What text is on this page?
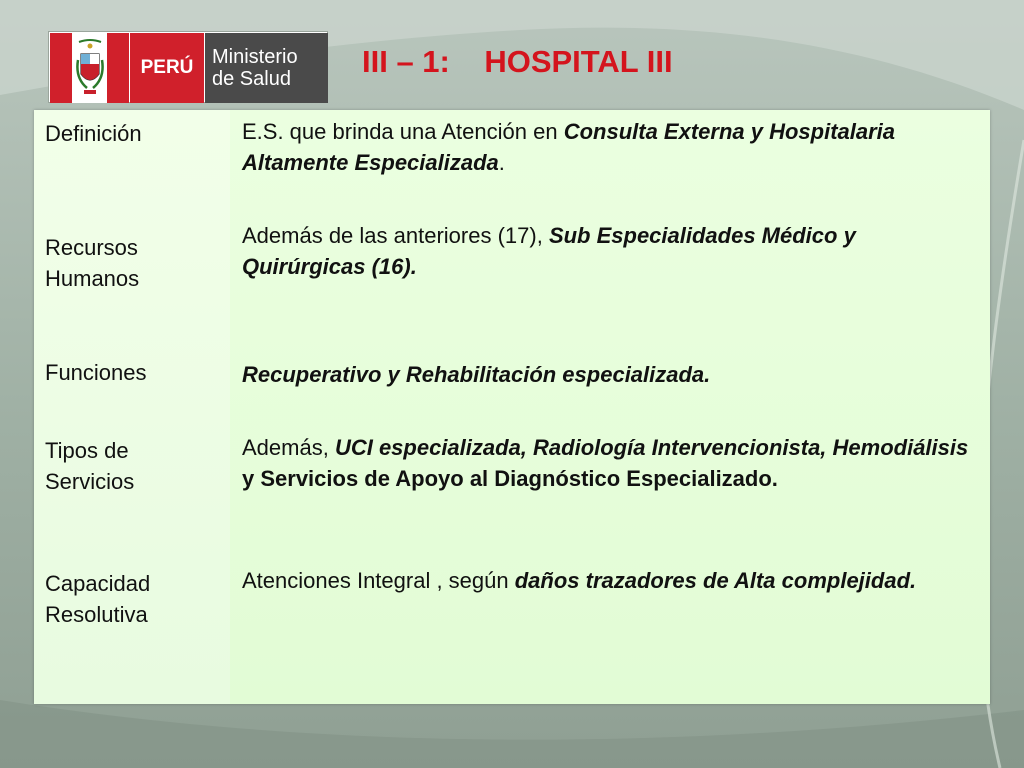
PERÚ Ministerio
de Salud	III – 1:    HOSPITAL III
Definición
Recursos
Humanos
Funciones
Tipos de
Servicios
Capacidad
Resolutiva
E.S. que brinda una Atención en Consulta Externa y Hospitalaria Altamente Especializada.
Además de las anteriores (17), Sub Especialidades Médico y Quirúrgicas (16).
Recuperativo y Rehabilitación especializada.
Además, UCI especializada, Radiología Intervencionista, Hemodiálisis y Servicios de Apoyo al Diagnóstico Especializado.
Atenciones Integral , según daños trazadores de Alta complejidad.
